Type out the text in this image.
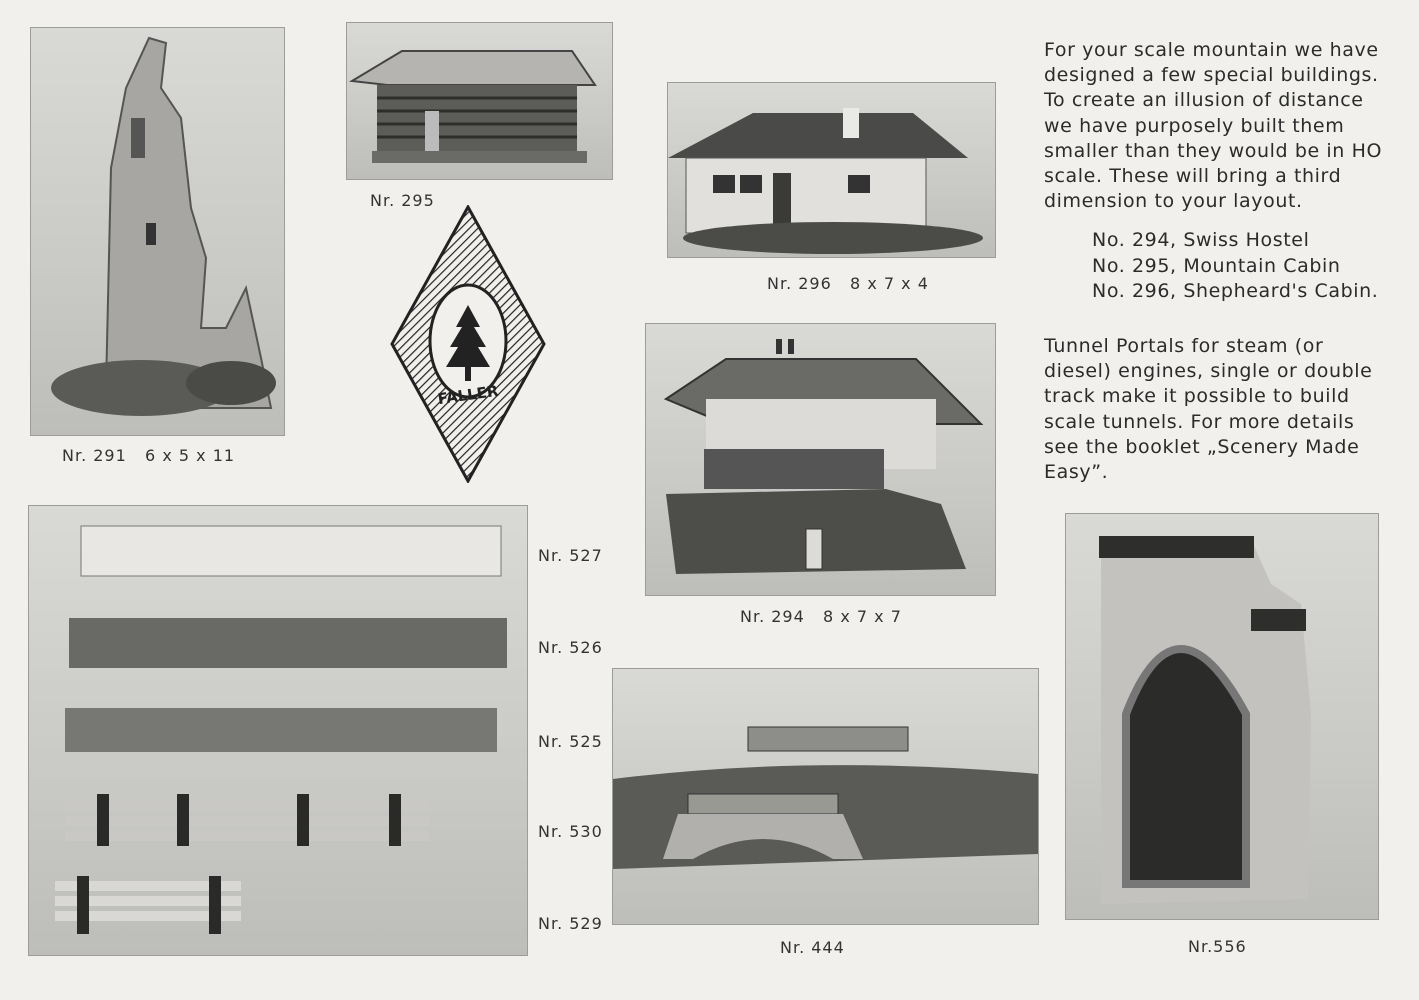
Nr. 291   6 x 5 x 11
Nr. 295
Nr. 296   8 x 7 x 4
FALLER
Nr. 294   8 x 7 x 7
Nr. 527
Nr. 526
Nr. 525
Nr. 530
Nr. 529
Nr. 444	Nr.556

For your scale mountain we have designed a few special buildings. To create an illusion of distance we have purposely built them smaller than they would be in HO scale. These will bring a third dimension to your layout.

No. 294, Swiss Hostel
No. 295, Mountain Cabin
No. 296, Shepheard's Cabin.

Tunnel Portals for steam (or diesel) engines, single or double track make it possible to build scale tunnels. For more details see the booklet „Scenery Made Easy”.
